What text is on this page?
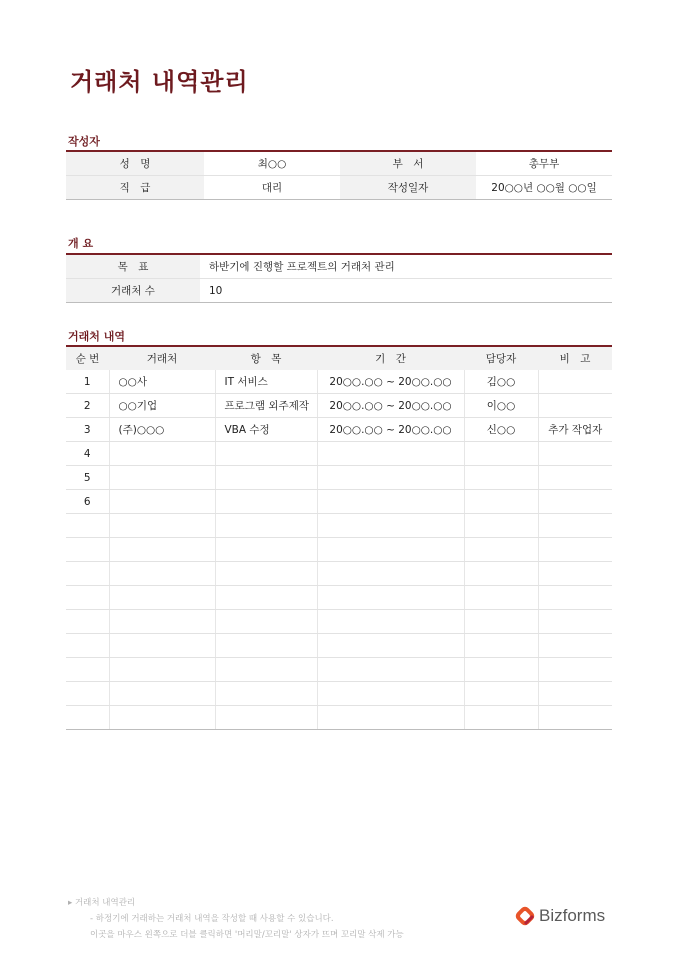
거래처 내역관리
작성자
성　명	최○○	부　서	총무부
직　급	대리	작성일자	20○○년 ○○월 ○○일
개 요
목　표	하반기에 진행할 프로젝트의 거래처 관리
거래처 수	10
거래처 내역
순 번	거래처	항　목	기　간	담당자	비　고
1	○○사	IT 서비스	20○○.○○ ~ 20○○.○○	김○○	
2	○○기업	프로그램 외주제작	20○○.○○ ~ 20○○.○○	이○○	
3	(주)○○○	VBA 수정	20○○.○○ ~ 20○○.○○	신○○	추가 작업자
4					
5					
6					

▸ 거래처 내역관리
- 하정기에 거래하는 거래처 내역을 작성할 때 사용할 수 있습니다.
이곳을 마우스 왼쪽으로 더블 클릭하면 '머리말/꼬리말' 상자가 뜨며 꼬리말 삭제 가능
Bizforms
